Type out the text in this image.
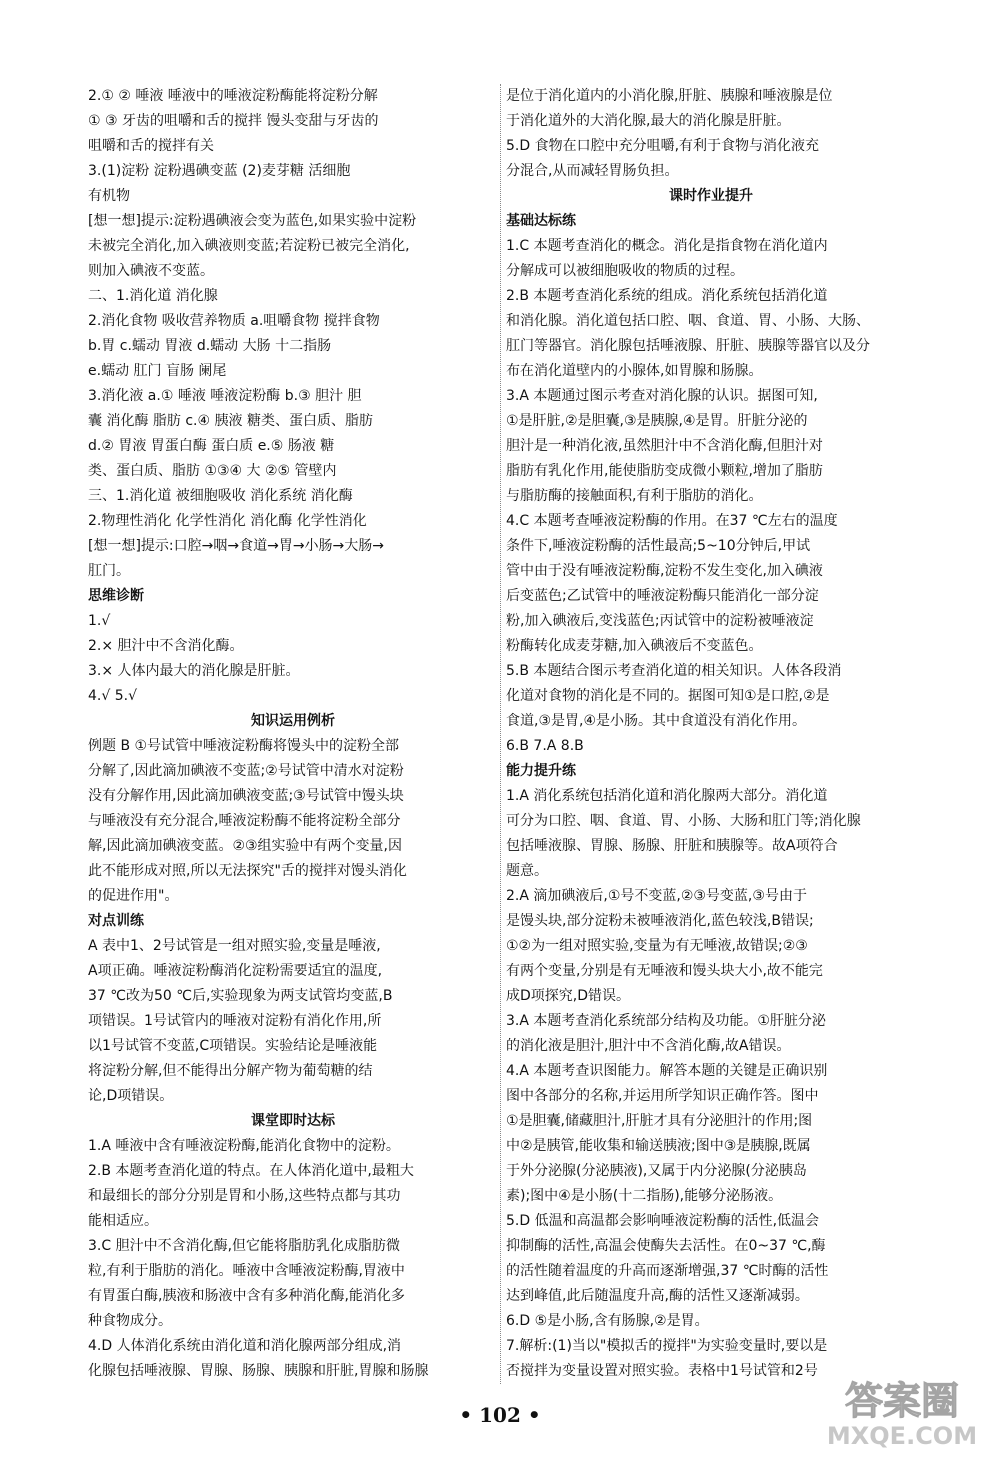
2.① ② 唾液 唾液中的唾液淀粉酶能将淀粉分解
① ③ 牙齿的咀嚼和舌的搅拌 馒头变甜与牙齿的
咀嚼和舌的搅拌有关
3.(1)淀粉 淀粉遇碘变蓝 (2)麦芽糖 活细胞
有机物
[想一想]提示:淀粉遇碘液会变为蓝色,如果实验中淀粉
未被完全消化,加入碘液则变蓝;若淀粉已被完全消化,
则加入碘液不变蓝。
二、1.消化道 消化腺
2.消化食物 吸收营养物质 a.咀嚼食物 搅拌食物
b.胃 c.蠕动 胃液 d.蠕动 大肠 十二指肠
e.蠕动 肛门 盲肠 阑尾
3.消化液 a.① 唾液 唾液淀粉酶 b.③ 胆汁 胆
囊 消化酶 脂肪 c.④ 胰液 糖类、蛋白质、脂肪
d.② 胃液 胃蛋白酶 蛋白质 e.⑤ 肠液 糖
类、蛋白质、脂肪 ①③④ 大 ②⑤ 管壁内
三、1.消化道 被细胞吸收 消化系统 消化酶
2.物理性消化 化学性消化 消化酶 化学性消化
[想一想]提示:口腔→咽→食道→胃→小肠→大肠→
肛门。
思维诊断
1.√
2.× 胆汁中不含消化酶。
3.× 人体内最大的消化腺是肝脏。
4.√ 5.√
知识运用例析
例题 B ①号试管中唾液淀粉酶将馒头中的淀粉全部
分解了,因此滴加碘液不变蓝;②号试管中清水对淀粉
没有分解作用,因此滴加碘液变蓝;③号试管中馒头块
与唾液没有充分混合,唾液淀粉酶不能将淀粉全部分
解,因此滴加碘液变蓝。②③组实验中有两个变量,因
此不能形成对照,所以无法探究"舌的搅拌对馒头消化
的促进作用"。
对点训练
A 表中1、2号试管是一组对照实验,变量是唾液,
A项正确。唾液淀粉酶消化淀粉需要适宜的温度,
37 ℃改为50 ℃后,实验现象为两支试管均变蓝,B
项错误。1号试管内的唾液对淀粉有消化作用,所
以1号试管不变蓝,C项错误。实验结论是唾液能
将淀粉分解,但不能得出分解产物为葡萄糖的结
论,D项错误。
课堂即时达标
1.A 唾液中含有唾液淀粉酶,能消化食物中的淀粉。
2.B 本题考查消化道的特点。在人体消化道中,最粗大
和最细长的部分分别是胃和小肠,这些特点都与其功
能相适应。
3.C 胆汁中不含消化酶,但它能将脂肪乳化成脂肪微
粒,有利于脂肪的消化。唾液中含唾液淀粉酶,胃液中
有胃蛋白酶,胰液和肠液中含有多种消化酶,能消化多
种食物成分。
4.D 人体消化系统由消化道和消化腺两部分组成,消
化腺包括唾液腺、胃腺、肠腺、胰腺和肝脏,胃腺和肠腺
是位于消化道内的小消化腺,肝脏、胰腺和唾液腺是位
于消化道外的大消化腺,最大的消化腺是肝脏。
5.D 食物在口腔中充分咀嚼,有利于食物与消化液充
分混合,从而减轻胃肠负担。
课时作业提升
基础达标练
1.C 本题考查消化的概念。消化是指食物在消化道内
分解成可以被细胞吸收的物质的过程。
2.B 本题考查消化系统的组成。消化系统包括消化道
和消化腺。消化道包括口腔、咽、食道、胃、小肠、大肠、
肛门等器官。消化腺包括唾液腺、肝脏、胰腺等器官以及分
布在消化道壁内的小腺体,如胃腺和肠腺。
3.A 本题通过图示考查对消化腺的认识。据图可知,
①是肝脏,②是胆囊,③是胰腺,④是胃。肝脏分泌的
胆汁是一种消化液,虽然胆汁中不含消化酶,但胆汁对
脂肪有乳化作用,能使脂肪变成微小颗粒,增加了脂肪
与脂肪酶的接触面积,有利于脂肪的消化。
4.C 本题考查唾液淀粉酶的作用。在37 ℃左右的温度
条件下,唾液淀粉酶的活性最高;5~10分钟后,甲试
管中由于没有唾液淀粉酶,淀粉不发生变化,加入碘液
后变蓝色;乙试管中的唾液淀粉酶只能消化一部分淀
粉,加入碘液后,变浅蓝色;丙试管中的淀粉被唾液淀
粉酶转化成麦芽糖,加入碘液后不变蓝色。
5.B 本题结合图示考查消化道的相关知识。人体各段消
化道对食物的消化是不同的。据图可知①是口腔,②是
食道,③是胃,④是小肠。其中食道没有消化作用。
6.B 7.A 8.B
能力提升练
1.A 消化系统包括消化道和消化腺两大部分。消化道
可分为口腔、咽、食道、胃、小肠、大肠和肛门等;消化腺
包括唾液腺、胃腺、肠腺、肝脏和胰腺等。故A项符合
题意。
2.A 滴加碘液后,①号不变蓝,②③号变蓝,③号由于
是馒头块,部分淀粉未被唾液消化,蓝色较浅,B错误;
①②为一组对照实验,变量为有无唾液,故错误;②③
有两个变量,分别是有无唾液和馒头块大小,故不能完
成D项探究,D错误。
3.A 本题考查消化系统部分结构及功能。①肝脏分泌
的消化液是胆汁,胆汁中不含消化酶,故A错误。
4.A 本题考查识图能力。解答本题的关键是正确识别
图中各部分的名称,并运用所学知识正确作答。图中
①是胆囊,储藏胆汁,肝脏才具有分泌胆汁的作用;图
中②是胰管,能收集和输送胰液;图中③是胰腺,既属
于外分泌腺(分泌胰液),又属于内分泌腺(分泌胰岛
素);图中④是小肠(十二指肠),能够分泌肠液。
5.D 低温和高温都会影响唾液淀粉酶的活性,低温会
抑制酶的活性,高温会使酶失去活性。在0~37 ℃,酶
的活性随着温度的升高而逐渐增强,37 ℃时酶的活性
达到峰值,此后随温度升高,酶的活性又逐渐减弱。
6.D ⑤是小肠,含有肠腺,②是胃。
7.解析:(1)当以"模拟舌的搅拌"为实验变量时,要以是
否搅拌为变量设置对照实验。表格中1号试管和2号
• 102 •	答案圈
MXQE.COM
